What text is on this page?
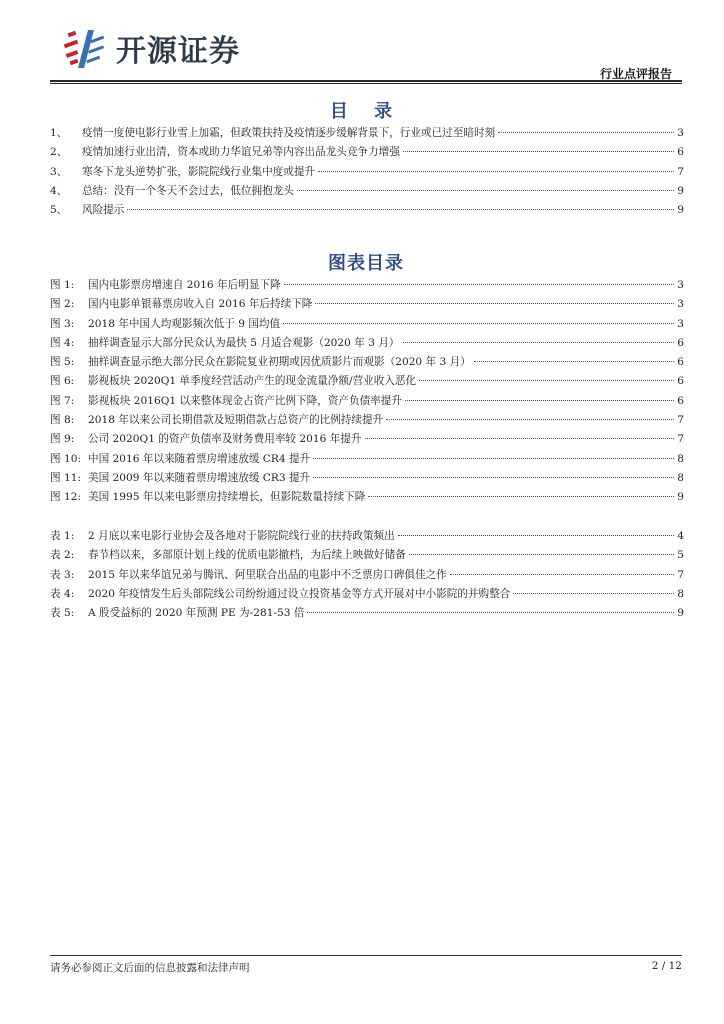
开源证券
行业点评报告
目 录
1、	疫情一度使电影行业雪上加霜，但政策扶持及疫情逐步缓解背景下，行业或已过至暗时刻	3
2、	疫情加速行业出清，资本或助力华谊兄弟等内容出品龙头竞争力增强	6
3、	寒冬下龙头逆势扩张，影院院线行业集中度或提升	7
4、	总结：没有一个冬天不会过去，低位拥抱龙头	9
5、	风险提示	9
图表目录
图 1:	国内电影票房增速自 2016 年后明显下降	3
图 2:	国内电影单银幕票房收入自 2016 年后持续下降	3
图 3:	2018 年中国人均观影频次低于 9 国均值	3
图 4:	抽样调查显示大部分民众认为最快 5 月适合观影（2020 年 3 月）	6
图 5:	抽样调查显示绝大部分民众在影院复业初期或因优质影片而观影（2020 年 3 月）	6
图 6:	影视板块 2020Q1 单季度经营活动产生的现金流量净额/营业收入恶化	6
图 7:	影视板块 2016Q1 以来整体现金占资产比例下降，资产负债率提升	6
图 8:	2018 年以来公司长期借款及短期借款占总资产的比例持续提升	7
图 9:	公司 2020Q1 的资产负债率及财务费用率较 2016 年提升	7
图 10: 中国 2016 年以来随着票房增速放缓 CR4 提升	8
图 11: 美国 2009 年以来随着票房增速放缓 CR3 提升	8
图 12: 美国 1995 年以来电影票房持续增长，但影院数量持续下降	9
表 1:	2 月底以来电影行业协会及各地对于影院院线行业的扶持政策频出	4
表 2:	春节档以来，多部原计划上线的优质电影撤档，为后续上映做好储备	5
表 3:	2015 年以来华谊兄弟与腾讯、阿里联合出品的电影中不乏票房口碑俱佳之作	7
表 4:	2020 年疫情发生后头部院线公司纷纷通过设立投资基金等方式开展对中小影院的并购整合	8
表 5:	A 股受益标的 2020 年预测 PE 为-281-53 倍	9
请务必参阅正文后面的信息披露和法律声明	2 / 12
